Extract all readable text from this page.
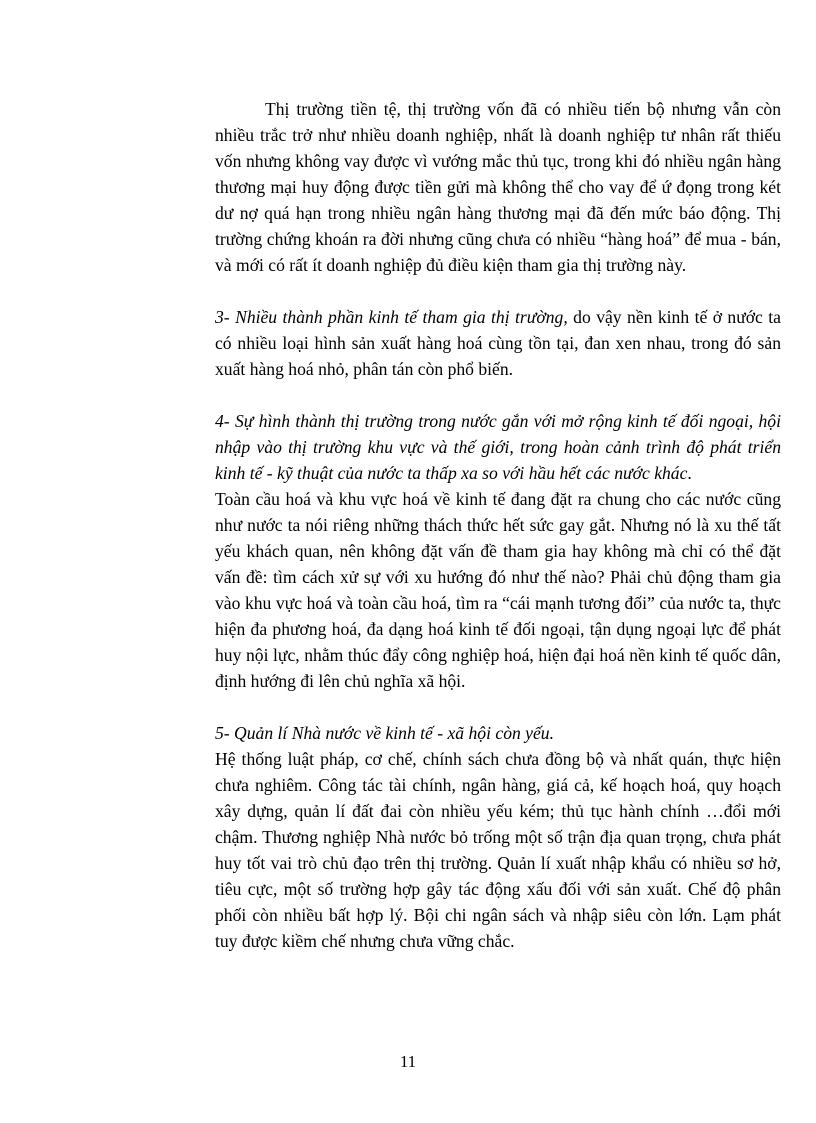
Thị trường tiền tệ, thị trường vốn đã có nhiều tiến bộ nhưng vẫn còn nhiều trắc trở như nhiều doanh nghiệp, nhất là doanh nghiệp tư nhân rất thiếu vốn nhưng không vay được vì vướng mắc thủ tục, trong khi đó nhiều ngân hàng thương mại huy động được tiền gửi mà không thể cho vay để ứ đọng trong két dư nợ quá hạn trong nhiều ngân hàng thương mại đã đến mức báo động. Thị trường chứng khoán ra đời nhưng cũng chưa có nhiều “hàng hoá” để mua - bán, và mới có rất ít doanh nghiệp đủ điều kiện tham gia thị trường này.

3- Nhiều thành phần kinh tế tham gia thị trường, do vậy nền kinh tế ở nước ta có nhiều loại hình sản xuất hàng hoá cùng tồn tại, đan xen nhau, trong đó sản xuất hàng hoá nhỏ, phân tán còn phổ biến.

4- Sự hình thành thị trường trong nước gắn với mở rộng kinh tế đối ngoại, hội nhập vào thị trường khu vực và thế giới, trong hoàn cảnh trình độ phát triển kinh tế - kỹ thuật của nước ta thấp xa so với hầu hết các nước khác.

Toàn cầu hoá và khu vực hoá về kinh tế đang đặt ra chung cho các nước cũng như nước ta nói riêng những thách thức hết sức gay gắt. Nhưng nó là xu thế tất yếu khách quan, nên không đặt vấn đề tham gia hay không mà chỉ có thể đặt vấn đề: tìm cách xử sự với xu hướng đó như thế nào? Phải chủ động tham gia vào khu vực hoá và toàn cầu hoá, tìm ra “cái mạnh tương đối” của nước ta, thực hiện đa phương hoá, đa dạng hoá kinh tế đối ngoại, tận dụng ngoại lực để phát huy nội lực, nhằm thúc đẩy công nghiệp hoá, hiện đại hoá nền kinh tế quốc dân, định hướng đi lên chủ nghĩa xã hội.

5- Quản lí Nhà nước về kinh tế - xã hội còn yếu.

Hệ thống luật pháp, cơ chế, chính sách chưa đồng bộ và nhất quán, thực hiện chưa nghiêm. Công tác tài chính, ngân hàng, giá cả, kế hoạch hoá, quy hoạch xây dựng, quản lí đất đai còn nhiều yếu kém; thủ tục hành chính …đổi mới chậm. Thương nghiệp Nhà nước bỏ trống một số trận địa quan trọng, chưa phát huy tốt vai trò chủ đạo trên thị trường. Quản lí xuất nhập khẩu có nhiều sơ hở, tiêu cực, một số trường hợp gây tác động xấu đối với sản xuất. Chế độ phân phối còn nhiều bất hợp lý. Bội chi ngân sách và nhập siêu còn lớn. Lạm phát tuy được kiềm chế nhưng chưa vững chắc.

11
